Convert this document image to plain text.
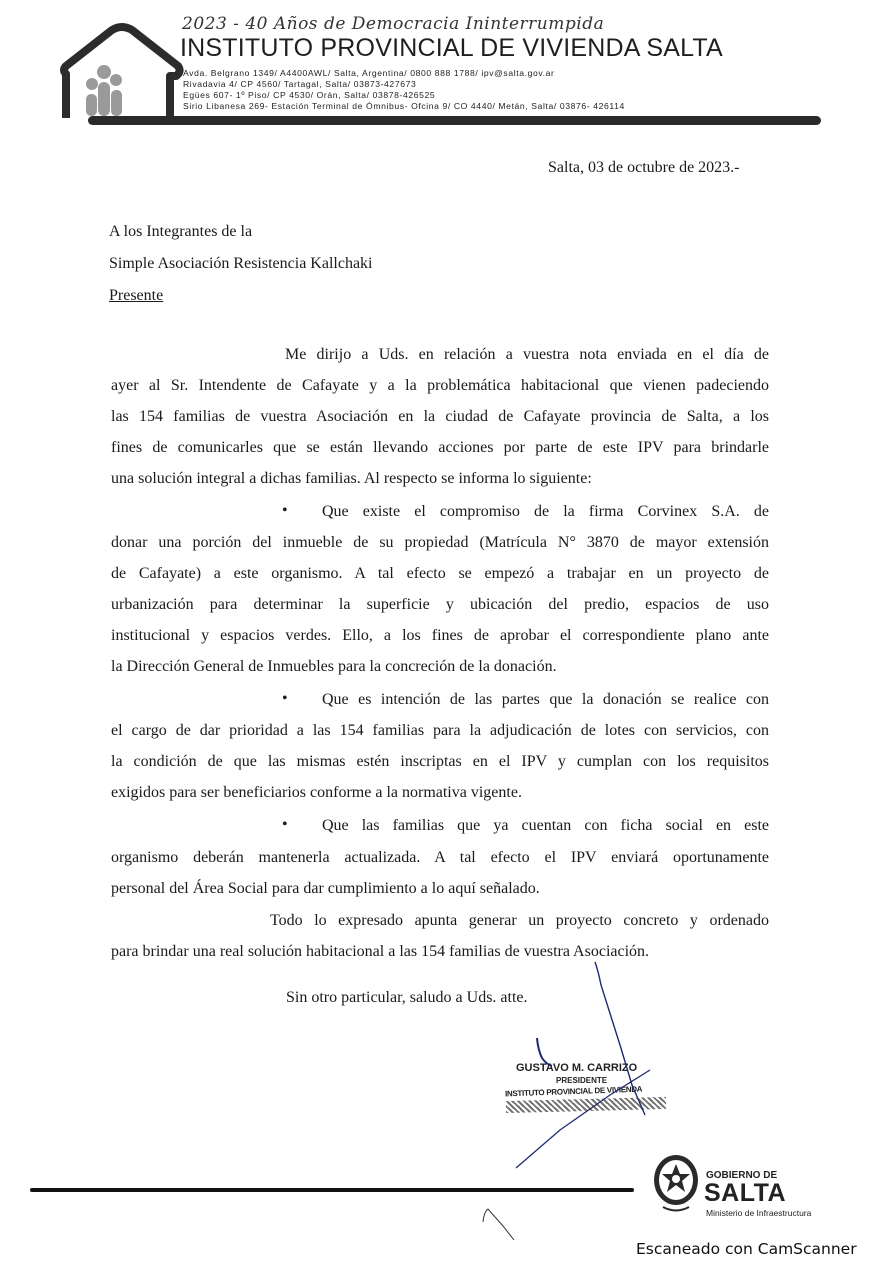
2023 - 40 Años de Democracia Ininterrumpida
INSTITUTO PROVINCIAL DE VIVIENDA SALTA
Avda. Belgrano 1349/ A4400AWL/ Salta, Argentina/ 0800 888 1788/ ipv@salta.gov.ar
Rivadavia 4/ CP 4560/ Tartagal, Salta/ 03873-427673
Egües 607- 1º Piso/ CP 4530/ Orán, Salta/ 03878-426525
Sirio Libanesa 269- Estación Terminal de Ómnibus- Ofcina 9/ CO 4440/ Metán, Salta/ 03876- 426114
Salta, 03 de octubre de 2023.-
A los Integrantes de la
Simple Asociación Resistencia Kallchaki
Presente
Me dirijo a Uds. en relación a vuestra nota enviada en el día de
ayer al Sr. Intendente de Cafayate y a la problemática habitacional que vienen padeciendo
las 154 familias de vuestra Asociación en la ciudad de Cafayate provincia de Salta, a los
fines de comunicarles que se están llevando acciones por parte de este IPV para brindarle
una solución integral a dichas familias. Al respecto se informa lo siguiente:
• Que existe el compromiso de la firma Corvinex S.A. de
donar una porción del inmueble de su propiedad (Matrícula N° 3870 de mayor extensión
de Cafayate) a este organismo. A tal efecto se empezó a trabajar en un proyecto de
urbanización para determinar la superficie y ubicación del predio, espacios de uso
institucional y espacios verdes. Ello, a los fines de aprobar el correspondiente plano ante
la Dirección General de Inmuebles para la concreción de la donación.
• Que es intención de las partes que la donación se realice con
el cargo de dar prioridad a las 154 familias para la adjudicación de lotes con servicios, con
la condición de que las mismas estén inscriptas en el IPV y cumplan con los requisitos
exigidos para ser beneficiarios conforme a la normativa vigente.
• Que las familias que ya cuentan con ficha social en este
organismo deberán mantenerla actualizada. A tal efecto el IPV enviará oportunamente
personal del Área Social para dar cumplimiento a lo aquí señalado.
Todo lo expresado apunta generar un proyecto concreto y ordenado
para brindar una real solución habitacional a las 154 familias de vuestra Asociación.
Sin otro particular, saludo a Uds. atte.
GUSTAVO M. CARRIZO
PRESIDENTE
INSTITUTO PROVINCIAL DE VIVIENDA
GOBIERNO DE
SALTA
Ministerio de Infraestructura
Escaneado con CamScanner
